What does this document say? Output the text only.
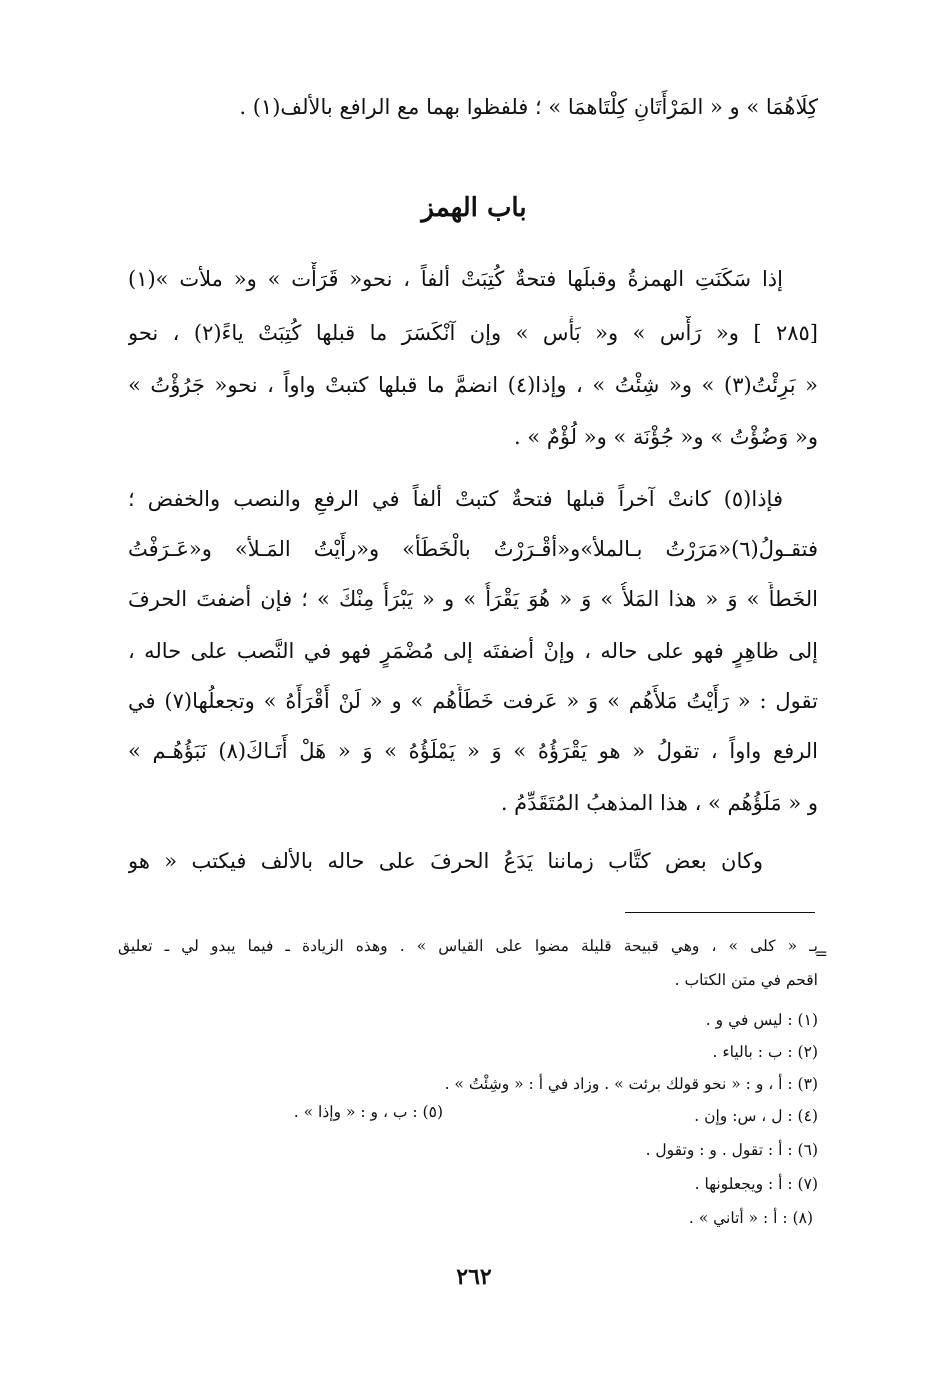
كِلَاهُمَا » و « المَرْأَتَانِ كِلْتَاهمَا » ؛ فلفظوا بهما مع الرافع بالألف(١) .
باب الهمز
إذا سَكَنَتِ الهمزةُ وقبلَها فتحةٌ كُتِبَتْ ألفاً ، نحو« قَرَأْت » و« ملأت »(١)
[٢٨٥ ] و« رَأْس » و« بَأْس » وإن آنْكَسَرَ ما قبلها كُتِبَتْ ياءً(٢) ، نحو
« بَرِئْتُ(٣) » و« شِئْتُ » ، وإذا(٤) انضمَّ ما قبلها كتبتْ واواً ، نحو« جَرُؤْتُ »
و« وَضُؤْتُ » و« جُؤْنَة » و« لُؤْمٌ » .
فإذا(٥) كانتْ آخراً قبلها فتحةٌ كتبتْ ألفاً في الرفعِ والنصب والخفض ؛
فتقـولُ(٦)«مَرَرْتُ بـالملأ»و«أقْـرَرْتُ بالْخَطَأ» و«رأَيْتُ المَـلأ» و«عَـرَفْتُ
الخَطأَ » وَ « هذا المَلأُ » وَ « هُوَ يَقْرَأُ » و « يَبْرَأُ مِنْكَ » ؛ فإن أضفتَ الحرفَ
إلى ظاهِرٍ فهو على حاله ، وإنْ أضفتَه إلى مُضْمَرٍ فهو في النَّصب على حاله ،
تقول : « رَأَيْتُ مَلأَهُم » وَ « عَرفت خَطَأَهُم » و « لَنْ أَقْرَأَهُ » وتجعلُها(٧) في
الرفع واواً ، تقولُ « هو يَقْرَؤُهُ » وَ « يَمْلَؤُهُ » وَ « هَلْ أَتَـاكَ(٨) نَبَؤُهُـم »
و « مَلَؤُهُم » ، هذا المذهبُ المُتَقَدِّمُ .
وكان بعض كتَّاب زماننا يَدَعُ الحرفَ على حاله بالألف فيكتب « هو
=
بـ « كلى » ، وهي قبيحة قليلة مضوا على القياس » . وهذه الزيادة ـ فيما يبدو لي ـ تعليق
اقحم في متن الكتاب .
(١) : ليس في و .
(٢) : ب : بالياء .
(٣) : أ ، و : « نحو قولك برئت » . وزاد في أ : « وشِئْتُ » .
(٤) : ل ، س: وإن .
(٥) : ب ، و : « وإذا » .
(٦) : أ : تقول . و : وتقول .
(٧) : أ : ويجعلونها .
(٨) : أ : « أتاني » .
٢٦٢
